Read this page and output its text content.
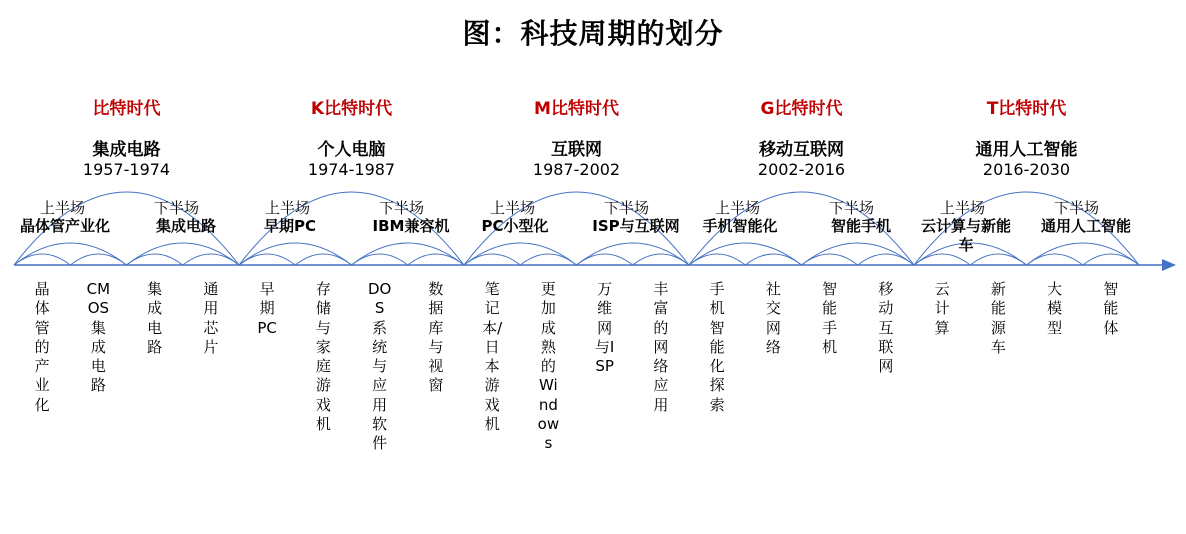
图：科技周期的划分
比特时代
集成电路
1957-1974
上半场	下半场
晶体管产业化	集成电路
晶体管的产业化
CMOS集成电路
集成电路
通用芯片
K比特时代
个人电脑
1974-1987
上半场	下半场
早期PC	IBM兼容机
早期PC
存储与家庭游戏机
DOS系统与应用软件
数据库与视窗
M比特时代
互联网
1987-2002
上半场	下半场
PC小型化	ISP与互联网
笔记本/日本游戏机
更加成熟的Windows
万维网与ISP
丰富的网络应用
G比特时代
移动互联网
2002-2016
上半场	下半场
手机智能化	智能手机
手机智能化探索
社交网络
智能手机
移动互联网
T比特时代
通用人工智能
2016-2030
上半场	下半场
云计算与新能车
通用人工智能
云计算
新能源车
大模型
智能体
